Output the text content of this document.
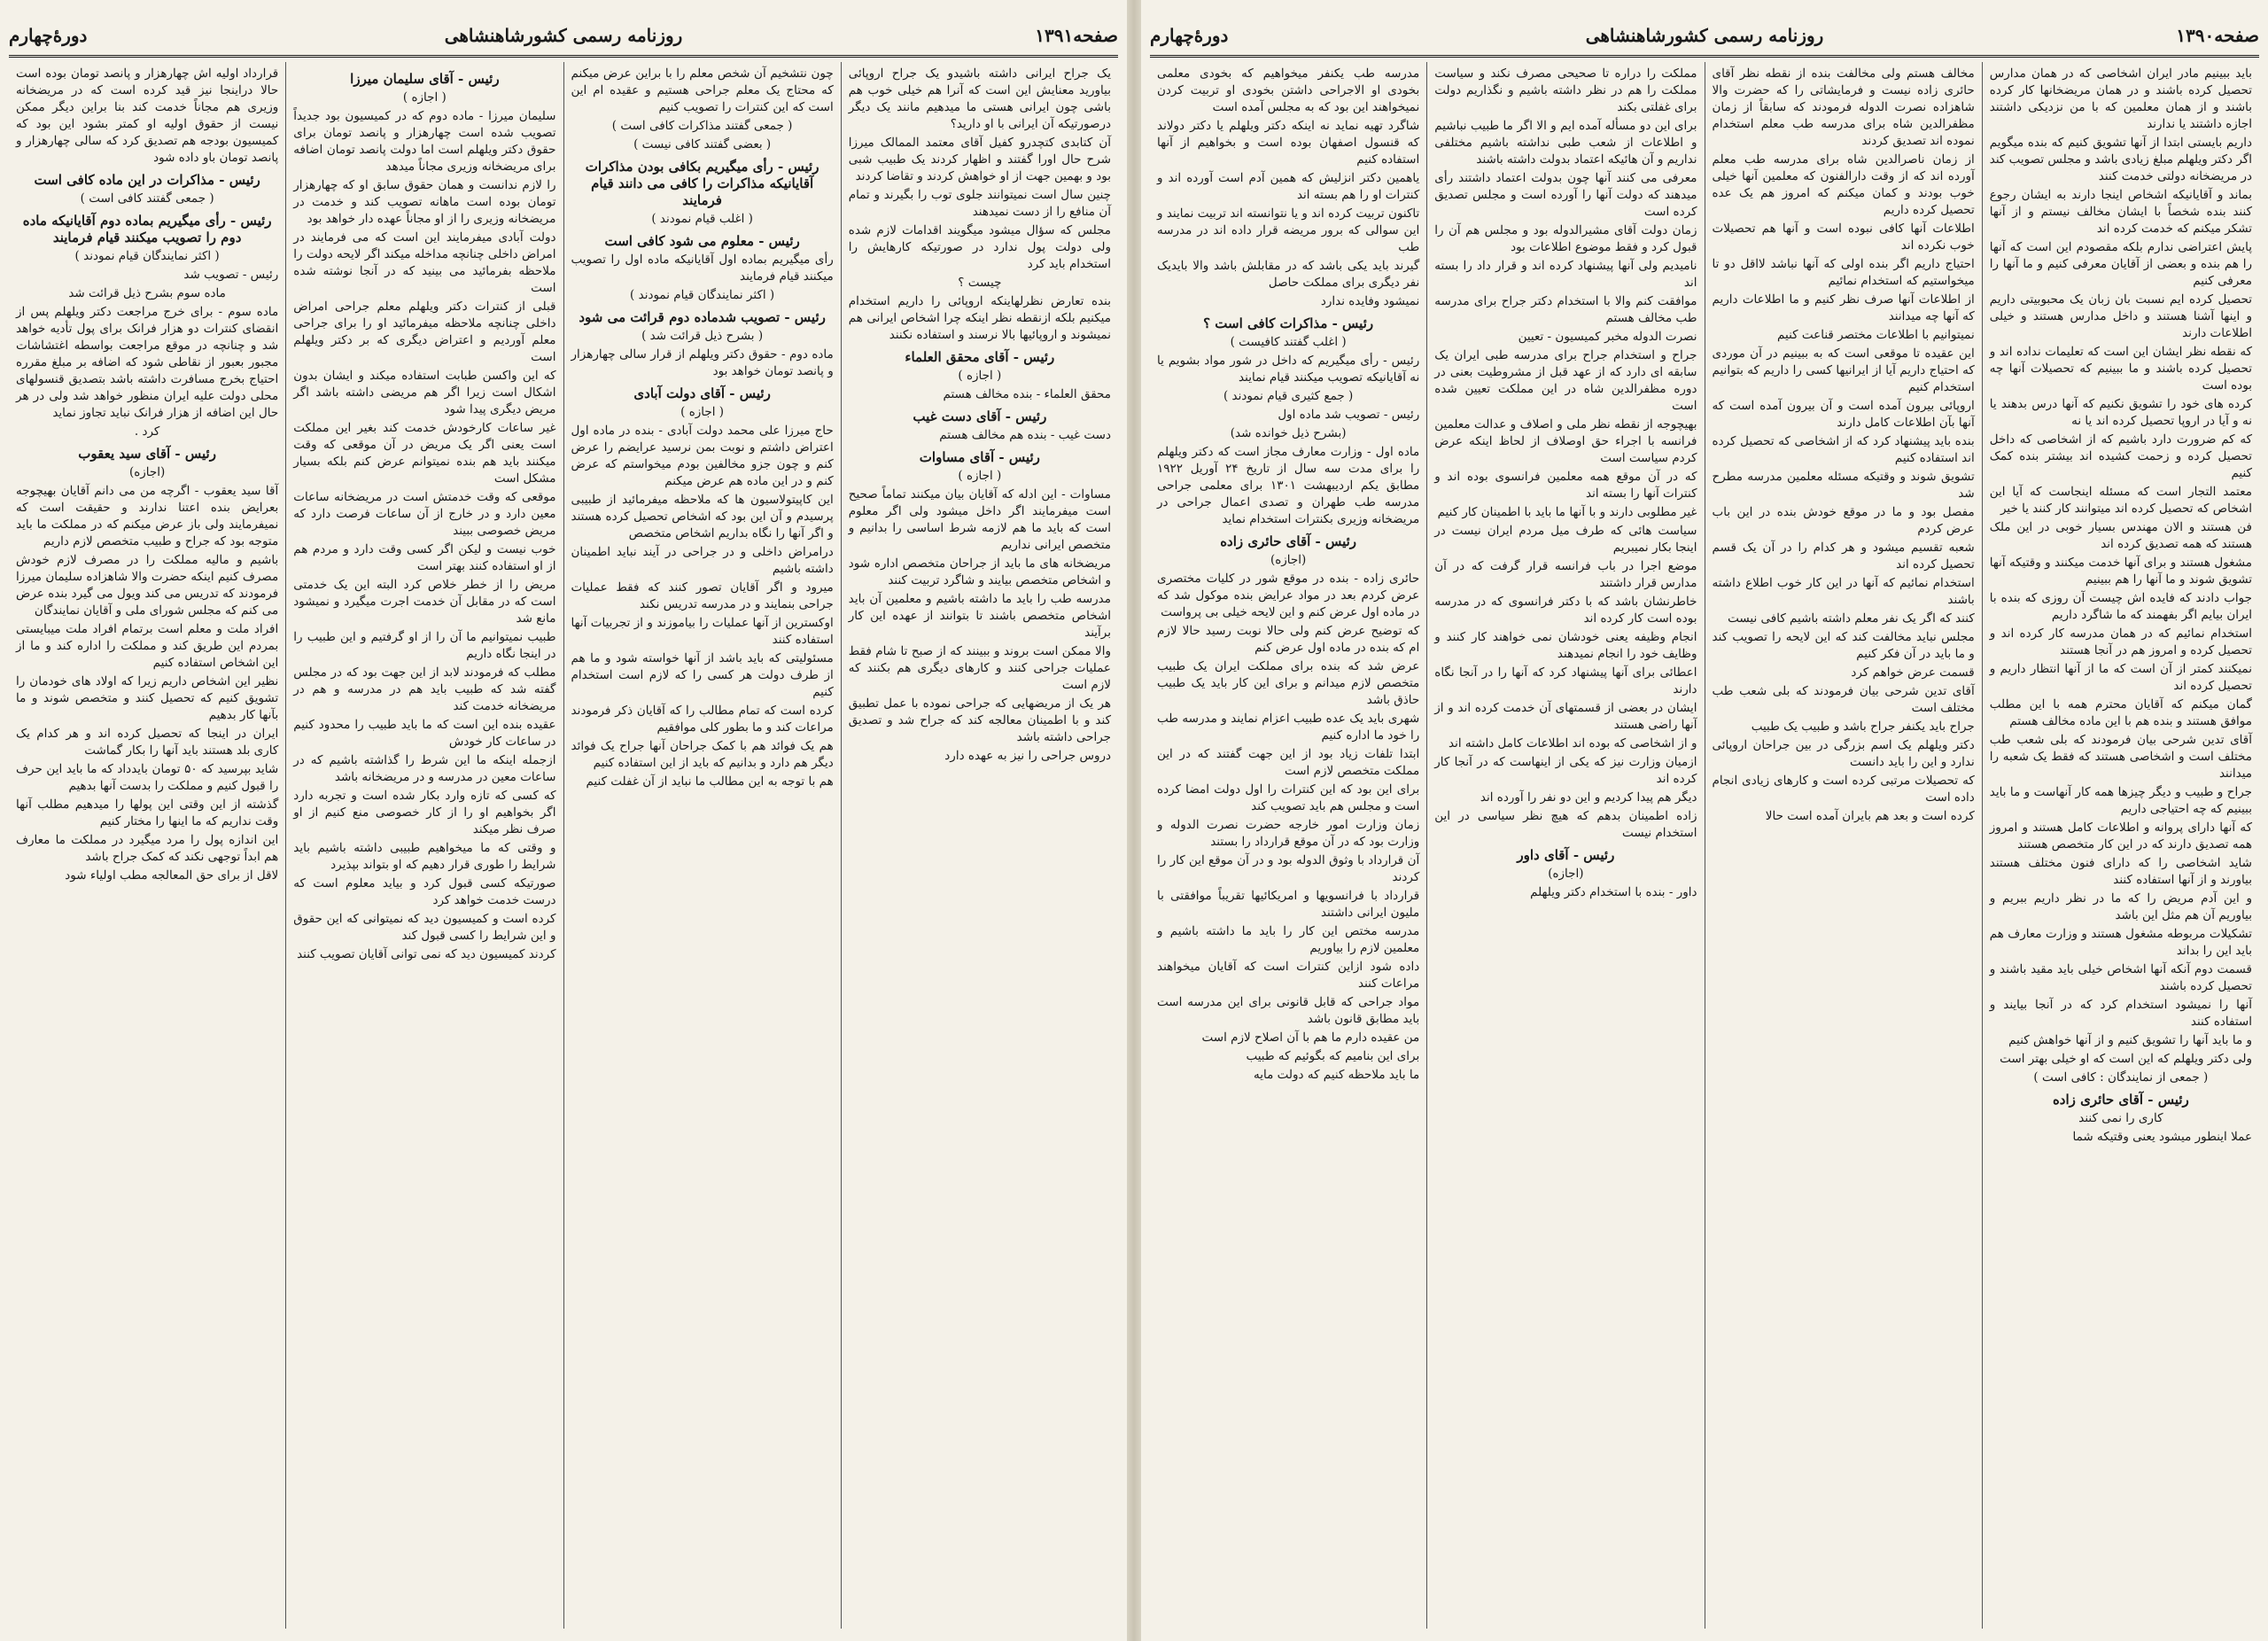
صفحه۱۳۹۱
روزنامه رسمی کشورشاهنشاهی
دورۀچهارم

یک جراح ایرانی داشته باشیدو یک جراح اروپائی بیاورید معنایش این است که آنرا هم خیلی خوب هم باشی چون ایرانی هستی ما میدهیم مانند یک دیگر درصورتیکه آن ایرانی با او دارید؟

آن کتابدی کتچدرو کفیل آقای معتمد الممالک میرزا شرح حال اورا گفتند و اظهار کردند یک طبیب شبی بود و بهمین جهت از او خواهش کردند و تقاضا کردند

چنین سال است نمیتوانند جلوی توب را بگیرند و تمام آن منافع را از دست نمیدهند

مجلس که سؤال میشود میگویند اقدامات لازم شده ولی دولت پول ندارد در صورتیکه کارهایش را استخدام باید کرد

چیست ؟

بنده تعارض نظرلهاینکه اروپائی را داریم استخدام میکنیم بلکه ازنقطه نظر اینکه چرا اشخاص ایرانی هم نمیشوند و اروپائیها بالا نرسند و استفاده نکنند

رئیس - آقای محقق العلماء

( اجازه )

محقق العلماء - بنده مخالف هستم

رئیس - آقای دست غیب

دست غیب - بنده هم مخالف هستم

رئیس - آقای مساوات

( اجازه )

مساوات - این ادله که آقایان بیان میکنند تماماً صحیح است میفرمایند اگر داخل میشود ولی اگر معلوم است که باید ما هم لازمه شرط اساسی را بدانیم و متخصص ایرانی نداریم

مریضخانه های ما باید از جراحان متخصص اداره شود و اشخاص متخصص بیایند و شاگرد تربیت کنند

مدرسه طب را باید ما داشته باشیم و معلمین آن باید اشخاص متخصص باشند تا بتوانند از عهده این کار برآیند

والا ممکن است بروند و ببینند که از صبح تا شام فقط عملیات جراحی کنند و کارهای دیگری هم بکنند که لازم است

هر یک از مریضهایی که جراحی نموده با عمل تطبیق کند و با اطمینان معالجه کند که جراح شد و تصدیق جراحی داشته باشد

دروس جراحی را نیز به عهده دارد

چون نتشخیم آن شخص معلم را با براین عرض میکنم که محتاج یک معلم جراحی هستیم و عقیده ام این است که این کنترات را تصویب کنیم

( جمعی گفتند مذاکرات کافی است )

( بعضی گفتند کافی نیست )

رئیس - رأی میگیریم بکافی بودن مذاکرات آقایانیکه مذاکرات را کافی می دانند قیام فرمایند

( اغلب قیام نمودند )

رئیس - معلوم می شود کافی است

رأی میگیریم بماده اول آقایانیکه ماده اول را تصویب میکنند قیام فرمایند

( اکثر نمایندگان قیام نمودند )

رئیس - تصویب شدماده دوم قرائت می شود

( بشرح ذیل قرائت شد )

ماده دوم - حقوق دکتر ویلهلم از قرار سالی چهارهزار و پانصد تومان خواهد بود

رئیس - آقای دولت آبادی

( اجازه )

حاج میرزا علی محمد دولت آبادی - بنده در ماده اول اعتراض داشتم و نوبت بمن نرسید عرایضم را عرض کنم و چون جزو مخالفین بودم میخواستم که عرض کنم و در این ماده هم عرض میکنم

این کاپیتولاسیون ها که ملاحظه میفرمائید از طبیبی پرسیدم و آن این بود که اشخاص تحصیل کرده هستند و اگر آنها را نگاه بداریم اشخاص متخصص

درامراض داخلی و در جراحی در آیند نباید اطمینان داشته باشیم

میرود و اگر آقایان تصور کنند که فقط عملیات جراحی بنمایند و در مدرسه تدریس نکند

اوکسترین از آنها عملیات را بیاموزند و از تجربیات آنها استفاده کنند

مسئولیتی که باید باشد از آنها خواسته شود و ما هم از طرف دولت هر کسی را که لازم است استخدام کنیم

کرده است که تمام مطالب را که آقایان ذکر فرمودند مراعات کند و ما بطور کلی موافقیم

هم یک فوائد هم با کمک جراحان آنها جراح یک فوائد دیگر هم دارد و بدانیم که باید از این استفاده کنیم

هم با توجه به این مطالب ما نباید از آن غفلت کنیم

رئیس - آقای سلیمان میرزا

( اجازه )

سلیمان میرزا - ماده دوم که در کمیسیون بود جدیداً تصویب شده است چهارهزار و پانصد تومان برای حقوق دکتر ویلهلم است اما دولت پانصد تومان اضافه برای مریضخانه وزیری مجاناً میدهد

را لازم ندانست و همان حقوق سابق او که چهارهزار تومان بوده است ماهانه تصویب کند و خدمت در مریضخانه وزیری را از او مجاناً عهده دار خواهد بود

دولت آبادی میفرمایند این است که می فرمایند در امراض داخلی چنانچه مداخله میکند اگر لایحه دولت را ملاحظه بفرمائید می بینید که در آنجا نوشته شده است

قبلی از کنترات دکتر ویلهلم معلم جراحی امراض داخلی چنانچه ملاحظه میفرمائید او را برای جراحی معلم آوردیم و اعتراض دیگری که بر دکتر ویلهلم است

که این واکسن طبابت استفاده میکند و ایشان بدون اشکال است زیرا اگر هم مریضی داشته باشد اگر مریض دیگری پیدا شود

غیر ساعات کارخودش خدمت کند بغیر این مملکت است یعنی اگر یک مریض در آن موقعی که وقت میکنند باید هم بنده نمیتوانم عرض کنم بلکه بسیار مشکل است

موقعی که وقت خدمتش است در مریضخانه ساعات معین دارد و در خارج از آن ساعات فرصت دارد که مریض خصوصی ببیند

خوب نیست و لیکن اگر کسی وقت دارد و مردم هم از او استفاده کنند بهتر است

مریض را از خطر خلاص کرد البته این یک خدمتی است که در مقابل آن خدمت اجرت میگیرد و نمیشود مانع شد

طبیب نمیتوانیم ما آن را از او گرفتیم و این طبیب را در اینجا نگاه داریم

مطلب که فرمودند لابد از این جهت بود که در مجلس گفته شد که طبیب باید هم در مدرسه و هم در مریضخانه خدمت کند

عقیده بنده این است که ما باید طبیب را محدود کنیم در ساعات کار خودش

ازجمله اینکه ما این شرط را گذاشته باشیم که در ساعات معین در مدرسه و در مریضخانه باشد

که کسی که تازه وارد بکار شده است و تجربه دارد اگر بخواهیم او را از کار خصوصی منع کنیم از او صرف نظر میکند

و وقتی که ما میخواهیم طبیبی داشته باشیم باید شرایط را طوری قرار دهیم که او بتواند بپذیرد

صورتیکه کسی قبول کرد و بیاید معلوم است که درست خدمت خواهد کرد

کرده است و کمیسیون دید که نمیتوانی که این حقوق و این شرایط را کسی قبول کند

کردند کمیسیون دید که نمی توانی آقایان تصویب کنند

قرارداد اولیه اش چهارهزار و پانصد تومان بوده است حالا دراینجا نیز قید کرده است که در مریضخانه وزیری هم مجاناً خدمت کند بنا براین دیگر ممکن نیست از حقوق اولیه او کمتر بشود این بود که کمیسیون بودجه هم تصدیق کرد که سالی چهارهزار و پانصد تومان باو داده شود

رئیس - مذاکرات در این ماده کافی است

( جمعی گفتند کافی است )

رئیس - رأی میگیریم بماده دوم آقایانیکه ماده دوم را تصویب میکنند قیام فرمایند

( اکثر نمایندگان قیام نمودند )

رئیس - تصویب شد

ماده سوم بشرح ذیل قرائت شد

ماده سوم - برای خرج مراجعت دکتر ویلهلم پس از انقضای کنترات دو هزار فرانک برای پول تأدیه خواهد شد و چنانچه در موقع مراجعت بواسطه اغتشاشات مجبور بعبور از نقاطی شود که اضافه بر مبلغ مقرره احتیاج بخرج مسافرت داشته باشد بتصدیق قنسولهای محلی دولت علیه ایران منظور خواهد شد ولی در هر حال این اضافه از هزار فرانک نباید تجاوز نماید

کرد .

رئیس - آقای سید یعقوب

(اجازه)

آقا سید یعقوب - اگرچه من می دانم آقایان بهیچوجه بعرایض بنده اعتنا ندارند و حقیقت است که نمیفرمایند ولی باز عرض میکنم که در مملکت ما باید متوجه بود که جراح و طبیب متخصص لازم داریم

باشیم و مالیه مملکت را در مصرف لازم خودش مصرف کنیم اینکه حضرت والا شاهزاده سلیمان میرزا فرمودند که تدریس می کند ویول می گیرد بنده عرض می کنم که مجلس شورای ملی و آقایان نمایندگان

افراد ملت و معلم است برتمام افراد ملت میبایستی بمردم این طریق کند و مملکت را اداره کند و ما از این اشخاص استفاده کنیم

نظیر این اشخاص داریم زیرا که اولاد های خودمان را تشویق کنیم که تحصیل کنند و متخصص شوند و ما بآنها کار بدهیم

ایران در اینجا که تحصیل کرده اند و هر کدام یک کاری بلد هستند باید آنها را بکار گماشت

شاید بپرسید که ۵۰ تومان بایدداد که ما باید این حرف را قبول کنیم و مملکت را بدست آنها بدهیم

گذشته از این وقتی این پولها را میدهیم مطلب آنها وقت نداریم که ما اینها را مختار کنیم

این اندازه پول را مرد میگیرد در مملکت ما معارف هم ابداً توجهی نکند که کمک جراح باشد

لاقل از برای حق المعالجه مطب اولیاء شود

صفحه۱۳۹۰
روزنامه رسمی کشورشاهنشاهی
دورۀچهارم

باید ببینیم مادر ایران اشخاصی که در همان مدارس تحصیل کرده باشند و در همان مریضخانها کار کرده باشند و از همان معلمین که با من نزدیکی داشتند اجازه داشتند یا ندارند

داریم بایستی ابتدا از آنها تشویق کنیم که بنده میگویم اگر دکتر ویلهلم مبلغ زیادی باشد و مجلس تصویب کند در مریضخانه دولتی خدمت کنند

بماند و آقایانیکه اشخاص اینجا دارند به ایشان رجوع کنند بنده شخصاً با ایشان مخالف نیستم و از آنها تشکر میکنم که خدمت کرده اند

پایش اعتراضی ندارم بلکه مقصودم این است که آنها را هم بنده و بعضی از آقایان معرفی کنیم و ما آنها را معرفی کنیم

تحصیل کرده ایم نسبت بان زبان یک محبوبیتی داریم و اینها آشنا هستند و داخل مدارس هستند و خیلی اطلاعات دارند

که نقطه نظر ایشان این است که تعلیمات نداده اند و تحصیل کرده باشند و ما ببینیم که تحصیلات آنها چه بوده است

کرده های خود را تشویق نکنیم که آنها درس بدهند یا نه و آیا در اروپا تحصیل کرده اند یا نه

که کم ضرورت دارد باشیم که از اشخاصی که داخل تحصیل کرده و زحمت کشیده اند بیشتر بنده کمک کنیم

معتمد التجار است که مسئله اینجاست که آیا این اشخاص که تحصیل کرده اند میتوانند کار کنند یا خیر

فن هستند و الان مهندس بسیار خوبی در این ملک هستند که همه تصدیق کرده اند

مشغول هستند و برای آنها خدمت میکنند و وقتیکه آنها تشویق شوند و ما آنها را هم ببینیم

جواب دادند که فایده اش چیست آن روزی که بنده با ایران بیایم اگر بفهمند که ما شاگرد داریم

استخدام نمائیم که در همان مدرسه کار کرده اند و تحصیل کرده و امروز هم در آنجا هستند

نمیکنند کمتر از آن است که ما از آنها انتظار داریم و تحصیل کرده اند

گمان میکنم که آقایان محترم همه با این مطلب موافق هستند و بنده هم با این ماده مخالف هستم

آقای تدین شرحی بیان فرمودند که بلی شعب طب مختلف است و اشخاصی هستند که فقط یک شعبه را میدانند

جراح و طبیب و دیگر چیزها همه کار آنهاست و ما باید ببینیم که چه احتیاجی داریم

که آنها دارای پروانه و اطلاعات کامل هستند و امروز همه تصدیق دارند که در این کار متخصص هستند

شاید اشخاصی را که دارای فنون مختلف هستند بیاورند و از آنها استفاده کنند

و این آدم مریض را که ما در نظر داریم ببریم و بیاوریم آن هم مثل این باشد

تشکیلات مربوطه مشغول هستند و وزارت معارف هم باید این را بداند

قسمت دوم آنکه آنها اشخاص خیلی باید مقید باشند و تحصیل کرده باشند

آنها را نمیشود استخدام کرد که در آنجا بیایند و استفاده کنند

و ما باید آنها را تشویق کنیم و از آنها خواهش کنیم

ولی دکتر ویلهلم که این است که او خیلی بهتر است

( جمعی از نمایندگان : کافی است )

رئیس - آقای حائری زاده

کاری را نمی کنند

عملا اینطور میشود یعنی وقتیکه شما

مخالف هستم ولی مخالفت بنده از نقطه نظر آقای حائری زاده نیست و فرمایشاتی را که حضرت والا شاهزاده نصرت الدوله فرمودند که سابقاً از زمان مظفرالدین شاه برای مدرسه طب معلم استخدام نموده اند تصدیق کردند

از زمان ناصرالدین شاه برای مدرسه طب معلم آورده اند که از وقت دارالفنون که معلمین آنها خیلی خوب بودند و کمان میکنم که امروز هم یک عده تحصیل کرده داریم

اطلاعات آنها کافی نبوده است و آنها هم تحصیلات خوب نکرده اند

احتیاج داریم اگر بنده اولی که آنها نباشد لااقل دو تا میخواستیم که استخدام نمائیم

از اطلاعات آنها صرف نظر کنیم و ما اطلاعات داریم که آنها چه میدانند

نمیتوانیم با اطلاعات مختصر قناعت کنیم

این عقیده تا موقعی است که به ببینیم در آن موردی که احتیاج داریم آیا از ایرانیها کسی را داریم که بتوانیم استخدام کنیم

اروپائی بیرون آمده است و آن بیرون آمده است که آنها بآن اطلاعات کامل دارند

بنده باید پیشنهاد کرد که از اشخاصی که تحصیل کرده اند استفاده کنیم

تشویق شوند و وقتیکه مسئله معلمین مدرسه مطرح شد

مفصل بود و ما در موقع خودش بنده در این باب عرض کردم

شعبه تقسیم میشود و هر کدام را در آن یک قسم تحصیل کرده اند

استخدام نمائیم که آنها در این کار خوب اطلاع داشته باشند

کنند که اگر یک نفر معلم داشته باشیم کافی نیست

مجلس نباید مخالفت کند که این لایحه را تصویب کند و ما باید در آن فکر کنیم

قسمت عرض خواهم کرد

آقای تدین شرحی بیان فرمودند که بلی شعب طب مختلف است

جراح باید یکنفر جراح باشد و طبیب یک طبیب

دکتر ویلهلم یک اسم بزرگی در بین جراحان اروپائی ندارد و این را باید دانست

که تحصیلات مرتبی کرده است و کارهای زیادی انجام داده است

کرده است و بعد هم بایران آمده است حالا

مملکت را دراره تا صحیحی مصرف نکند و سیاست مملکت را هم در نظر داشته باشیم و نگذاریم دولت برای غفلتی بکند

برای این دو مسأله آمده ایم و الا اگر ما طبیب نباشیم و اطلاعات از شعب طبی نداشته باشیم مختلفی نداریم و آن هائیکه اعتماد بدولت داشته باشند

معرفی می کنند آنها چون بدولت اعتماد داشتند رأی میدهند که دولت آنها را آورده است و مجلس تصدیق کرده است

زمان دولت آقای مشیرالدوله بود و مجلس هم آن را قبول کرد و فقط موضوع اطلاعات بود

نامیدیم ولی آنها پیشنهاد کرده اند و قرار داد را بسته اند

موافقت کنم والا با استخدام دکتر جراح برای مدرسه طب مخالف هستم

نصرت الدوله مخبر کمیسیون - تعیین

جراح و استخدام جراح برای مدرسه طبی ایران یک سابقه ای دارد که از عهد قبل از مشروطیت بعنی در دوره مظفرالدین شاه در این مملکت تعیین شده است

بهیچوجه از نقطه نظر ملی و اصلاف و عدالت معلمین فرانسه با اجراء حق اوصلاف از لحاظ اینکه عرض کردم سیاست است

که در آن موقع همه معلمین فرانسوی بوده اند و کنترات آنها را بسته اند

غیر مطلوبی دارند و با آنها ما باید با اطمینان کار کنیم

سیاست هائی که طرف میل مردم ایران نیست در اینجا بکار نمیبریم

موضع اجرا در باب فرانسه قرار گرفت که در آن مدارس قرار داشتند

خاطرنشان باشد که با دکتر فرانسوی که در مدرسه بوده است کار کرده اند

انجام وظیفه یعنی خودشان نمی خواهند کار کنند و وظایف خود را انجام نمیدهند

اعطائی برای آنها پیشنهاد کرد که آنها را در آنجا نگاه دارند

ایشان در بعضی از قسمتهای آن خدمت کرده اند و از آنها راضی هستند

و از اشخاصی که بوده اند اطلاعات کامل داشته اند

ازمیان وزارت نیز که یکی از اینهاست که در آنجا کار کرده اند

دیگر هم پیدا کردیم و این دو نفر را آورده اند

زاده اطمینان بدهم که هیچ نظر سیاسی در این استخدام نیست

رئیس - آقای داور

(اجازه)

داور - بنده با استخدام دکتر ویلهلم

مدرسه طب یکنفر میخواهیم که بخودی معلمی بخودی او الاجراحی داشتن بخودی او تربیت کردن نمیخواهند این بود که به مجلس آمده است

شاگرد تهیه نماید نه اینکه دکتر ویلهلم یا دکتر دولاند که قنسول اصفهان بوده است و بخواهیم از آنها استفاده کنیم

یاهمین دکتر انزلیش که همین آدم است آورده اند و کنترات او را هم بسته اند

تاکنون تربیت کرده اند و یا نتوانسته اند تربیت نمایند و این سوالی که برور مریضه قرار داده اند در مدرسه طب

گیرند باید یکی باشد که در مقابلش باشد والا بایدیک نفر دیگری برای مملکت حاصل

نمیشود وفایده ندارد

رئیس - مذاکرات کافی است ؟

( اغلب گفتند کافیست )

رئیس - رأی میگیریم که داخل در شور مواد بشویم یا نه آقایانیکه تصویب میکنند قیام نمایند

( جمع کثیری قیام نمودند )

رئیس - تصویب شد ماده اول

(بشرح ذیل خوانده شد)

ماده اول - وزارت معارف مجاز است که دکتر ویلهلم را برای مدت سه سال از تاریخ ۲۴ آوریل ۱۹۲۲ مطابق یکم اردیبهشت ۱۳۰۱ برای معلمی جراحی مدرسه طب طهران و تصدی اعمال جراحی در مریضخانه وزیری بکنترات استخدام نماید

رئیس - آقای حائری زاده

(اجازه)

حائری زاده - بنده در موقع شور در کلیات مختصری عرض کردم بعد در مواد عرایض بنده موکول شد که در ماده اول عرض کنم و این لایحه خیلی بی پرواست

که توضیح عرض کنم ولی حالا نوبت رسید حالا لازم ام که بنده در ماده اول عرض کنم

عرض شد که بنده برای مملکت ایران یک طبیب متخصص لازم میدانم و برای این کار باید یک طبیب حاذق باشد

شهری باید یک عده طبیب اعزام نمایند و مدرسه طب را خود ما اداره کنیم

ابتدا تلفات زیاد بود از این جهت گفتند که در این مملکت متخصص لازم است

برای این بود که این کنترات را اول دولت امضا کرده است و مجلس هم باید تصویب کند

زمان وزارت امور خارجه حضرت نصرت الدوله و وزارت بود که در آن موقع قرارداد را بستند

آن قرارداد با وثوق الدوله بود و در آن موقع این کار را کردند

قرارداد با فرانسویها و امریکائیها تقریباً موافقتی با ملیون ایرانی داشتند

مدرسه مختص این کار را باید ما داشته باشیم و معلمین لازم را بیاوریم

داده شود ازاین کنترات است که آقایان میخواهند مراعات کنند

مواد جراحی که قابل قانونی برای این مدرسه است باید مطابق قانون باشد

من عقیده دارم ما هم با آن اصلاح لازم است

برای این بنامیم که بگوئیم که طبیب

ما باید ملاحظه کنیم که دولت مایه
